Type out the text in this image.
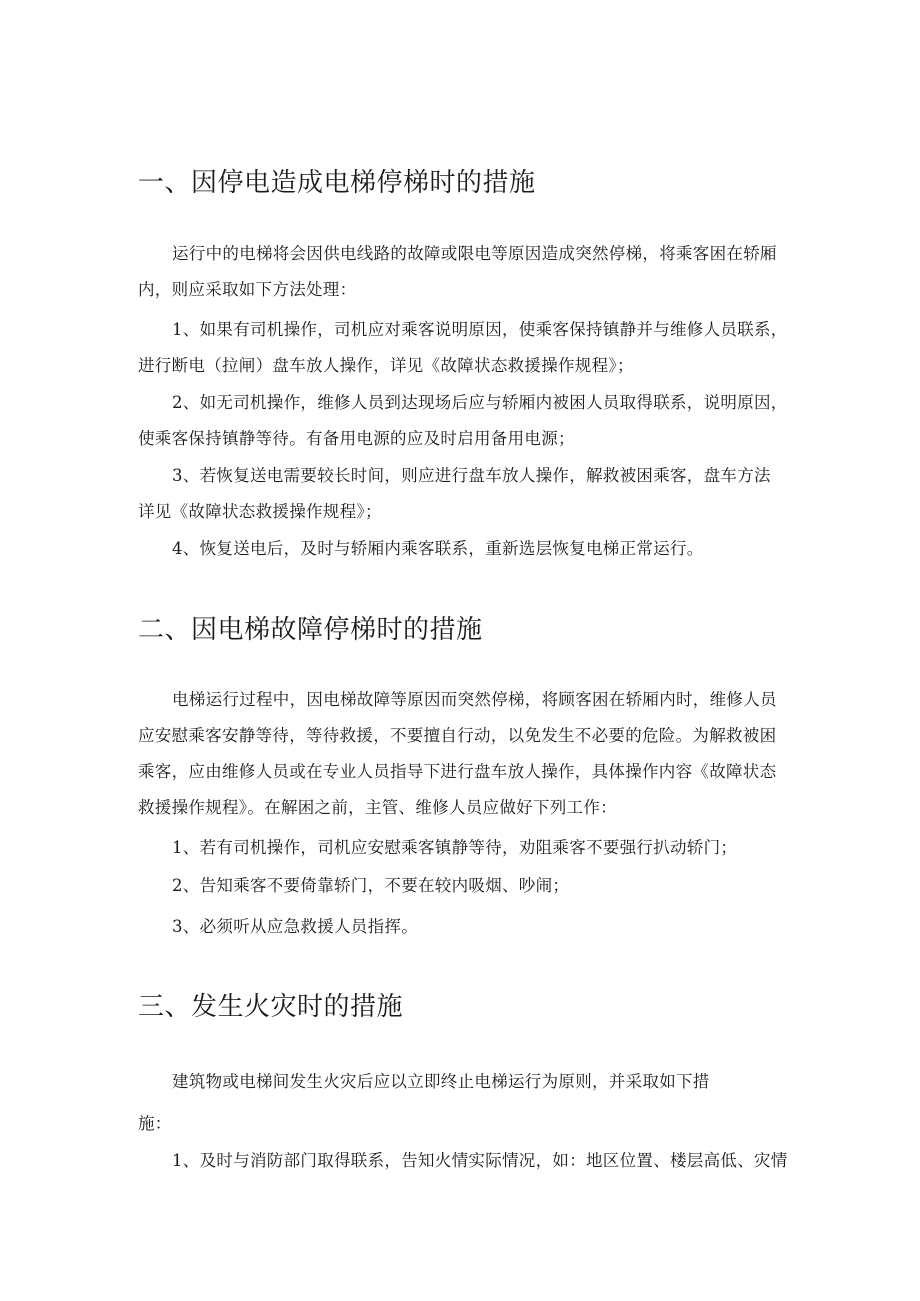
一、因停电造成电梯停梯时的措施
运行中的电梯将会因供电线路的故障或限电等原因造成突然停梯，将乘客困在轿厢
内，则应采取如下方法处理：
1、如果有司机操作，司机应对乘客说明原因，使乘客保持镇静并与维修人员联系，
进行断电（拉闸）盘车放人操作，详见《故障状态救援操作规程》；
2、如无司机操作，维修人员到达现场后应与轿厢内被困人员取得联系，说明原因，
使乘客保持镇静等待。有备用电源的应及时启用备用电源；
3、若恢复送电需要较长时间，则应进行盘车放人操作，解救被困乘客，盘车方法
详见《故障状态救援操作规程》；
4、恢复送电后，及时与轿厢内乘客联系，重新选层恢复电梯正常运行。
二、因电梯故障停梯时的措施
电梯运行过程中，因电梯故障等原因而突然停梯，将顾客困在轿厢内时，维修人员
应安慰乘客安静等待，等待救援，不要擅自行动，以免发生不必要的危险。为解救被困
乘客，应由维修人员或在专业人员指导下进行盘车放人操作，具体操作内容《故障状态
救援操作规程》。在解困之前，主管、维修人员应做好下列工作：
1、若有司机操作，司机应安慰乘客镇静等待，劝阻乘客不要强行扒动轿门；
2、告知乘客不要倚靠轿门，不要在较内吸烟、吵闹；
3、必须听从应急救援人员指挥。
三、发生火灾时的措施
建筑物或电梯间发生火灾后应以立即终止电梯运行为原则，并采取如下措
施：
1、及时与消防部门取得联系，告知火情实际情况，如：地区位置、楼层高低、灾情
